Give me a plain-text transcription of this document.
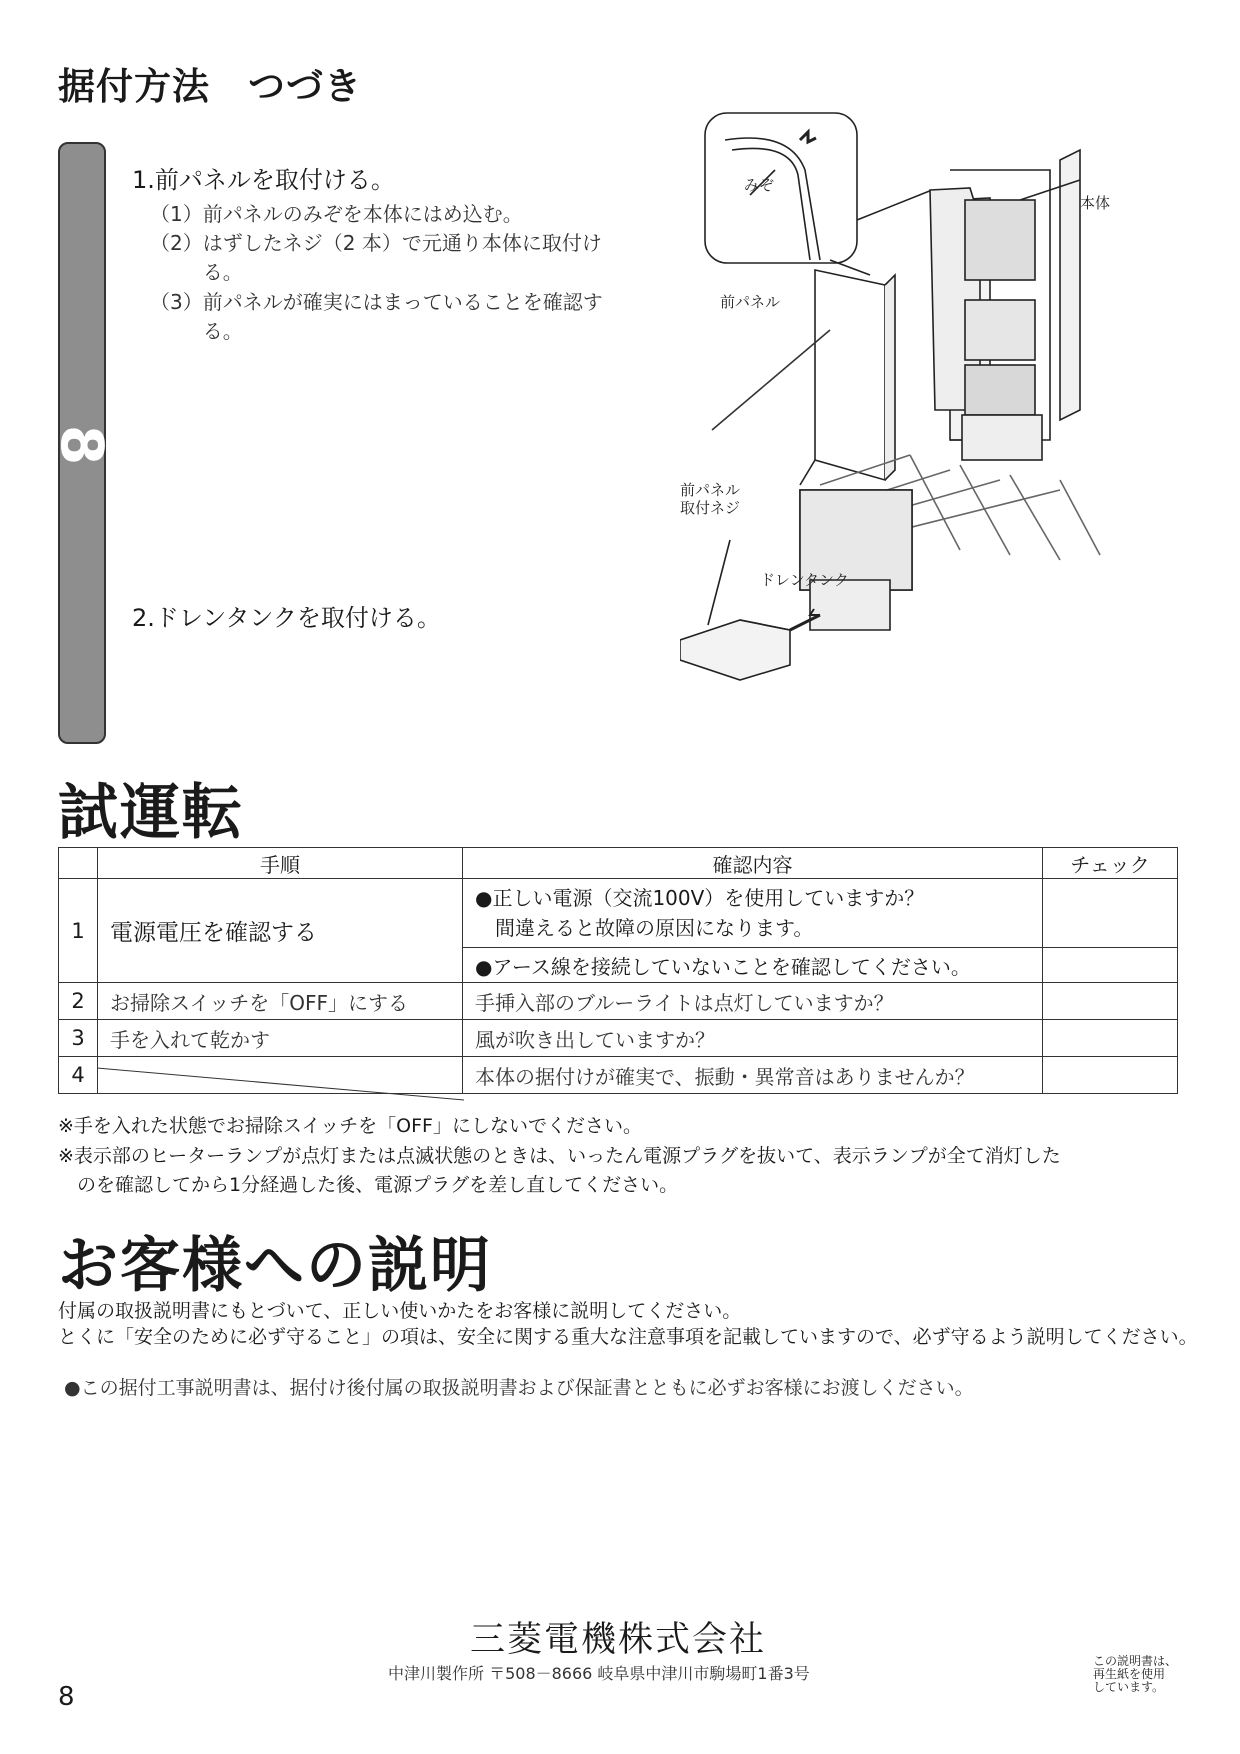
据付方法　つづき
8
1.前パネルを取付ける。
（1）前パネルのみぞを本体にはめ込む。
（2） はずしたネジ（2 本）で元通り本体に取付ける。
（3） 前パネルが確実にはまっていることを確認する。
2.ドレンタンクを取付ける。
みぞ
本体
前パネル
前パネル
取付ネジ
ドレンタンク
試運転
	手順	確認内容	チェック
1	電源電圧を確認する	●正しい電源（交流100V）を使用していますか？
　間違えると故障の原因になります。	

		●アース線を接続していないことを確認してください。	
2	お掃除スイッチを「OFF」にする	手挿入部のブルーライトは点灯していますか？	
3	手を入れて乾かす	風が吹き出していますか？	
4		本体の据付けが確実で、振動・異常音はありませんか？	
※手を入れた状態でお掃除スイッチを「OFF」にしないでください。
※表示部のヒーターランプが点灯または点滅状態のときは、いったん電源プラグを抜いて、表示ランプが全て消灯した
　のを確認してから1分経過した後、電源プラグを差し直してください。
お客様への説明
付属の取扱説明書にもとづいて、正しい使いかたをお客様に説明してください。
とくに「安全のために必ず守ること」の項は、安全に関する重大な注意事項を記載していますので、必ず守るよう説明してください。
●この据付工事説明書は、据付け後付属の取扱説明書および保証書とともに必ずお客様にお渡しください。
三菱電機株式会社
中津川製作所 〒508－8666 岐阜県中津川市駒場町1番3号
8
この説明書は、
再生紙を使用
しています。
